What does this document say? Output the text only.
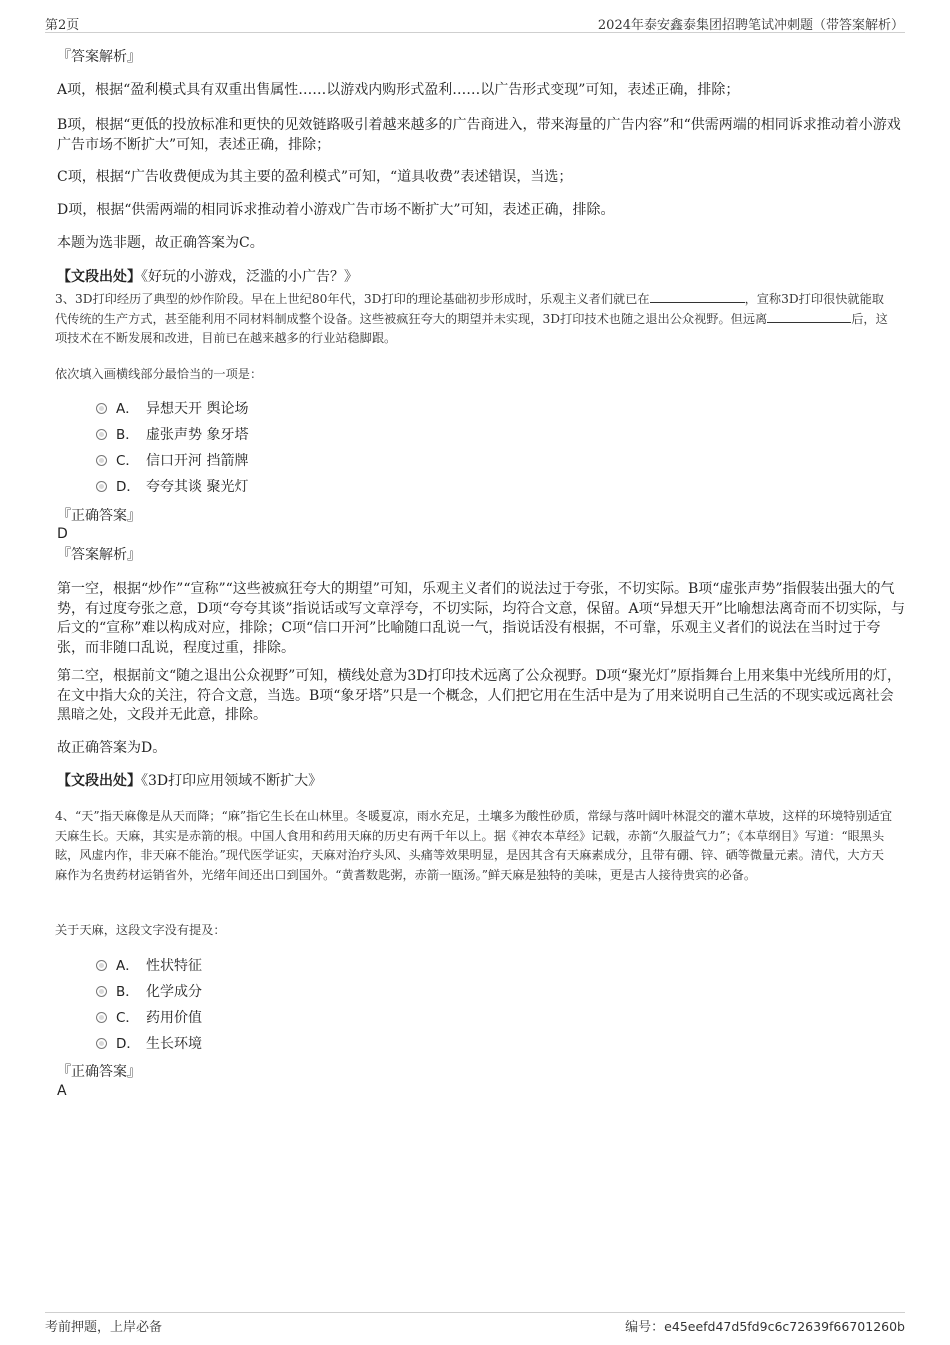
第2页	2024年泰安鑫泰集团招聘笔试冲刺题（带答案解析）
『答案解析』
A项，根据“盈利模式具有双重出售属性……以游戏内购形式盈利……以广告形式变现”可知，表述正确，排除；
B项，根据“更低的投放标准和更快的见效链路吸引着越来越多的广告商进入，带来海量的广告内容”和“供需两端的相同诉求推动着小游戏广告市场不断扩大”可知，表述正确，排除；
C项，根据“广告收费便成为其主要的盈利模式”可知，“道具收费”表述错误，当选；
D项，根据“供需两端的相同诉求推动着小游戏广告市场不断扩大”可知，表述正确，排除。
本题为选非题，故正确答案为C。
【文段出处】《好玩的小游戏，泛滥的小广告？》
3、3D打印经历了典型的炒作阶段。早在上世纪80年代，3D打印的理论基础初步形成时，乐观主义者们就已在	，宣称3D打印很快就能取代传统的生产方式，甚至能利用不同材料制成整个设备。这些被疯狂夸大的期望并未实现，3D打印技术也随之退出公众视野。但远离	后，这项技术在不断发展和改进，目前已在越来越多的行业站稳脚跟。
依次填入画横线部分最恰当的一项是：
A． 异想天开 舆论场
B． 虚张声势 象牙塔
C． 信口开河 挡箭牌
D． 夸夸其谈 聚光灯
『正确答案』
D
『答案解析』
第一空，根据“炒作”“宣称”“这些被疯狂夸大的期望”可知，乐观主义者们的说法过于夸张，不切实际。B项“虚张声势”指假装出强大的气势，有过度夸张之意，D项“夸夸其谈”指说话或写文章浮夸，不切实际，均符合文意，保留。A项“异想天开”比喻想法离奇而不切实际，与后文的“宣称”难以构成对应，排除；C项“信口开河”比喻随口乱说一气，指说话没有根据，不可靠，乐观主义者们的说法在当时过于夸张，而非随口乱说，程度过重，排除。
第二空，根据前文“随之退出公众视野”可知，横线处意为3D打印技术远离了公众视野。D项“聚光灯”原指舞台上用来集中光线所用的灯，在文中指大众的关注，符合文意，当选。B项“象牙塔”只是一个概念，人们把它用在生活中是为了用来说明自己生活的不现实或远离社会黑暗之处，文段并无此意，排除。
故正确答案为D。
【文段出处】《3D打印应用领域不断扩大》
4、“天”指天麻像是从天而降；“麻”指它生长在山林里。冬暖夏凉，雨水充足，土壤多为酸性砂质，常绿与落叶阔叶林混交的灌木草坡，这样的环境特别适宜天麻生长。天麻，其实是赤箭的根。中国人食用和药用天麻的历史有两千年以上。据《神农本草经》记载，赤箭“久服益气力”；《本草纲目》写道：“眼黑头眩，风虚内作，非天麻不能治。”现代医学证实，天麻对治疗头风、头痛等效果明显，是因其含有天麻素成分，且带有硼、锌、硒等微量元素。清代，大方天麻作为名贵药材运销省外，光绪年间还出口到国外。“黄耆数匙粥，赤箭一瓯汤。”鲜天麻是独特的美味，更是古人接待贵宾的必备。
关于天麻，这段文字没有提及：
A． 性状特征
B． 化学成分
C． 药用价值
D． 生长环境
『正确答案』
A
考前押题，上岸必备	编号：e45eefd47d5fd9c6c72639f66701260b
